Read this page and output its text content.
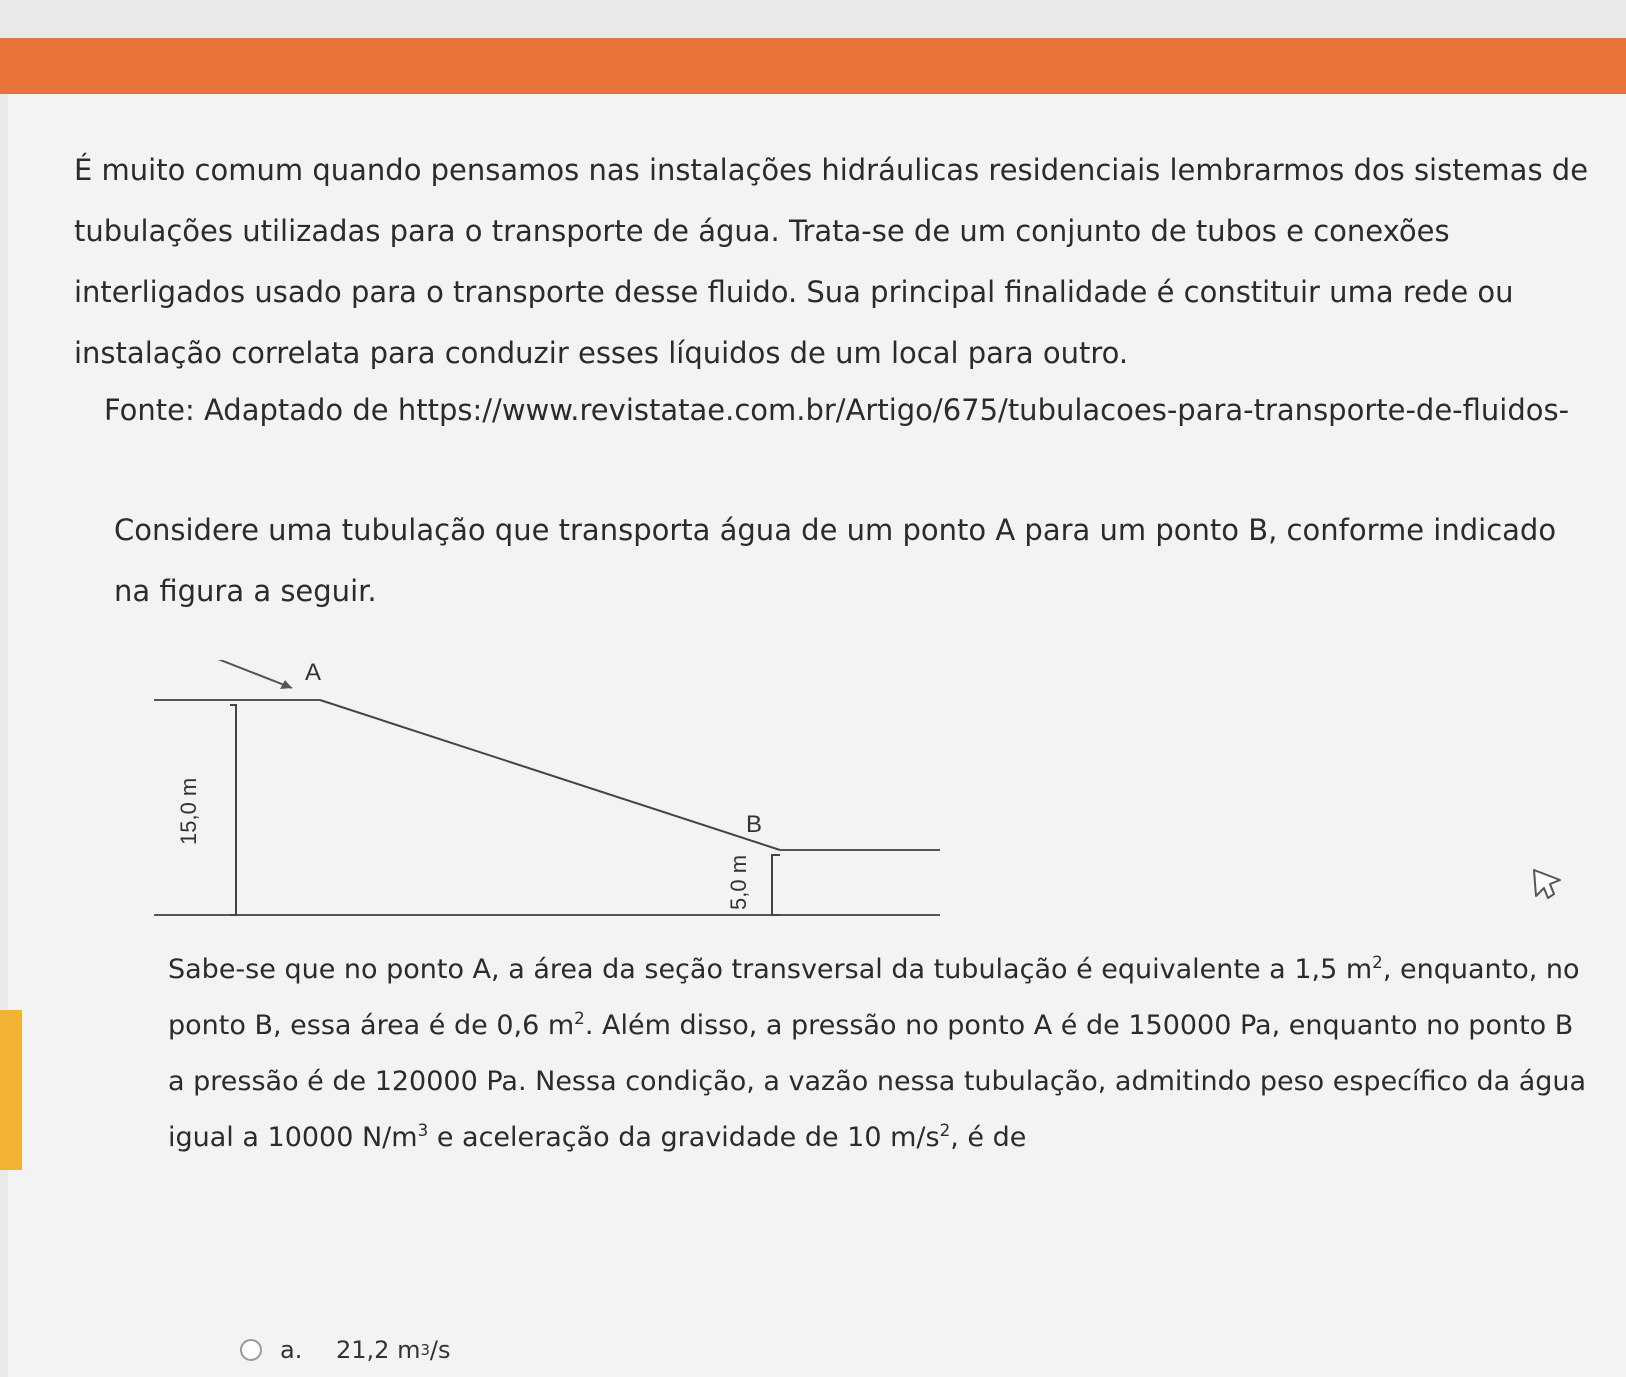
É muito comum quando pensamos nas instalações hidráulicas residenciais lembrarmos dos sistemas de tubulações utilizadas para o transporte de água. Trata-se de um conjunto de tubos e conexões interligados usado para o transporte desse fluido. Sua principal finalidade é constituir uma rede ou instalação correlata para conduzir esses líquidos de um local para outro.

Fonte: Adaptado de https://www.revistatae.com.br/Artigo/675/tubulacoes-para-transporte-de-fluidos-

Considere uma tubulação que transporta água de um ponto A para um ponto B, conforme indicado na figura a seguir.

A
B
15,0 m
5,0 m

Sabe-se que no ponto A, a área da seção transversal da tubulação é equivalente a 1,5 $m^2$, enquanto, no ponto B, essa área é de 0,6 $m^2$. Além disso, a pressão no ponto A é de 150000 Pa, enquanto no ponto B a pressão é de 120000 Pa. Nessa condição, a vazão nessa tubulação, admitindo peso específico da água igual a 10000 $N/m^3$ e aceleração da gravidade de 10 $m/s^2$, é de

a.	21,2 m 3 /s
